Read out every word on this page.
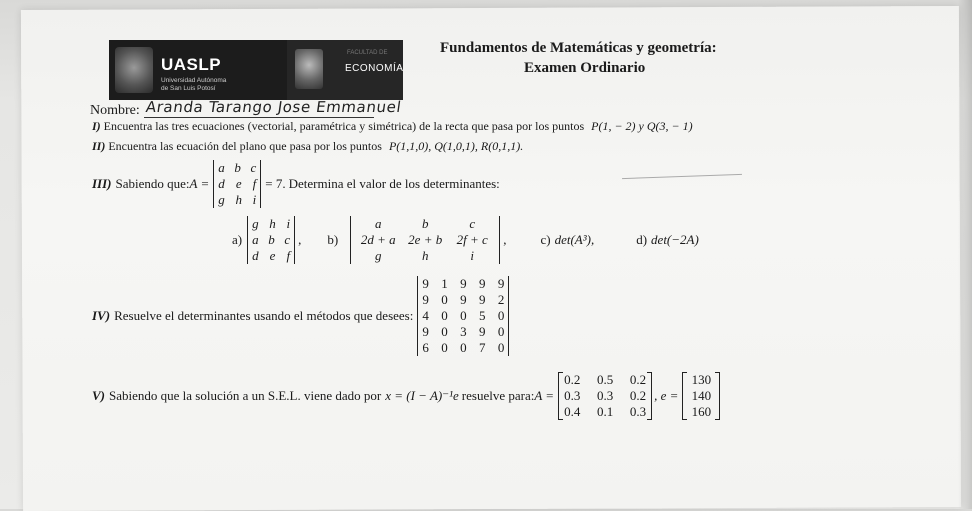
UASLP
Universidad Autónoma
de San Luis Potosí
FACULTAD DE
ECONOMÍA
Fundamentos de Matemáticas y geometría:
Examen Ordinario
Nombre: Aranda Tarango Jose Emmanuel
I) Encuentra las tres ecuaciones (vectorial, paramétrica y simétrica) de la recta que pasa por los puntos P(1, − 2) y Q(3, − 1)
II) Encuentra las ecuación del plano que pasa por los puntos P(1,1,0), Q(1,0,1), R(0,1,1).
III) Sabiendo que: A =
a b c
d e f
g h i
= 7. Determina el valor de los determinantes:
a)
g h i
a b c
d e f
, b)
a	b	c
2d + a 2e + b	2f + c
g	h	i
,	c) det(A³),	d) det(−2A)
IV) Resuelve el determinantes usando el métodos que desees:
9 1 9 9 9
9 0 9 9 2
4 0 0 5 0
9 0 3 9 0
6 0 0 7 0
V) Sabiendo que la solución a un S.E.L. viene dado por x = (I − A)⁻¹e resuelve para: A =
0.2 0.5 0.2
0.3 0.3 0.2
0.4 0.1 0.3
, e =
130
140
160
